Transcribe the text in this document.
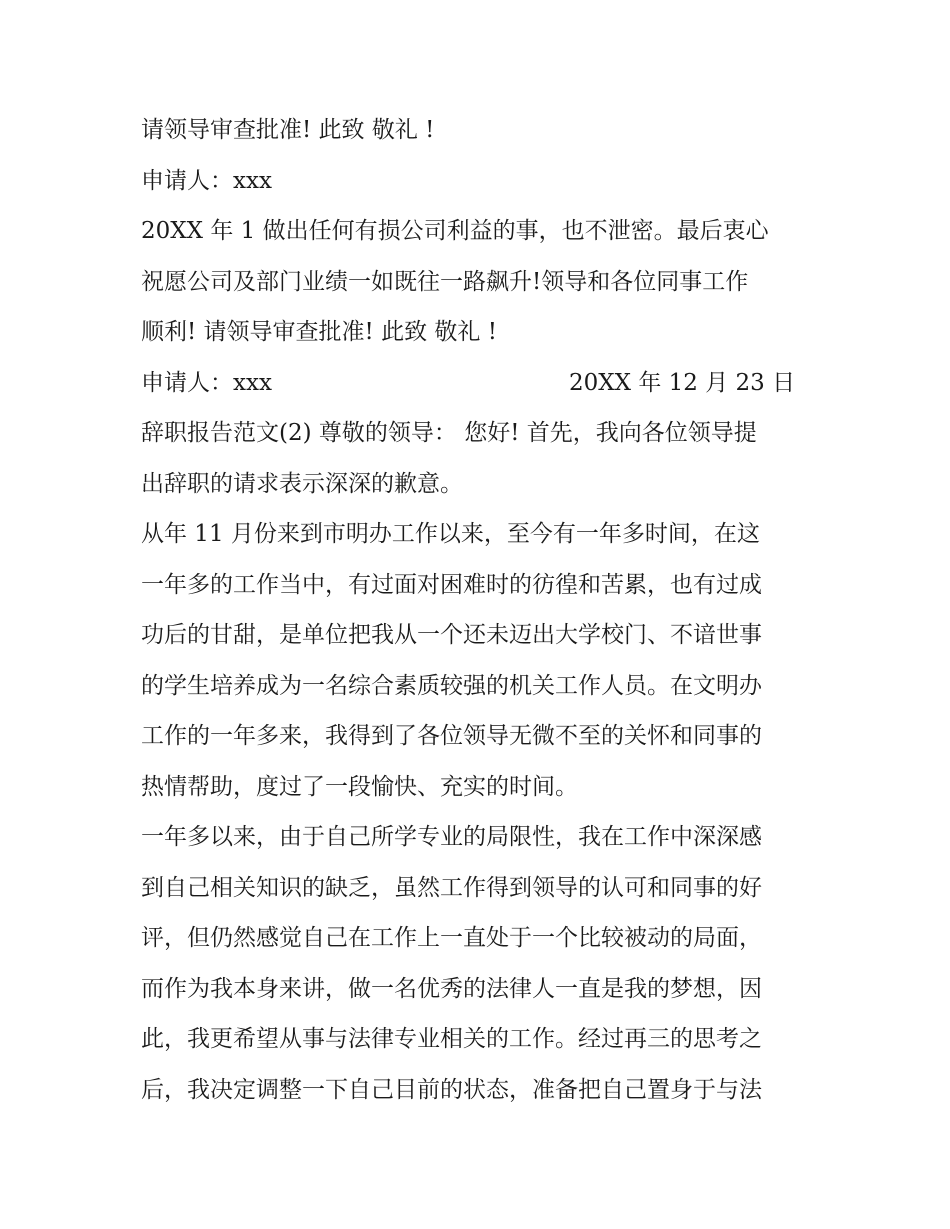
请领导审查批准! 此致 敬礼 !

申请人：xxx

20XX 年 1 做出任何有损公司利益的事，也不泄密。最后衷心

祝愿公司及部门业绩一如既往一路飙升!领导和各位同事工作

顺利! 请领导审查批准! 此致 敬礼 !

申请人：xxx	20XX 年 12 月 23 日

辞职报告范文(2) 尊敬的领导： 您好! 首先，我向各位领导提

出辞职的请求表示深深的歉意。

从年 11 月份来到市明办工作以来，至今有一年多时间，在这

一年多的工作当中，有过面对困难时的彷徨和苦累，也有过成

功后的甘甜，是单位把我从一个还未迈出大学校门、不谙世事

的学生培养成为一名综合素质较强的机关工作人员。在文明办

工作的一年多来，我得到了各位领导无微不至的关怀和同事的

热情帮助，度过了一段愉快、充实的时间。

一年多以来，由于自己所学专业的局限性，我在工作中深深感

到自己相关知识的缺乏，虽然工作得到领导的认可和同事的好

评，但仍然感觉自己在工作上一直处于一个比较被动的局面，

而作为我本身来讲，做一名优秀的法律人一直是我的梦想，因

此，我更希望从事与法律专业相关的工作。经过再三的思考之

后，我决定调整一下自己目前的状态，准备把自己置身于与法
